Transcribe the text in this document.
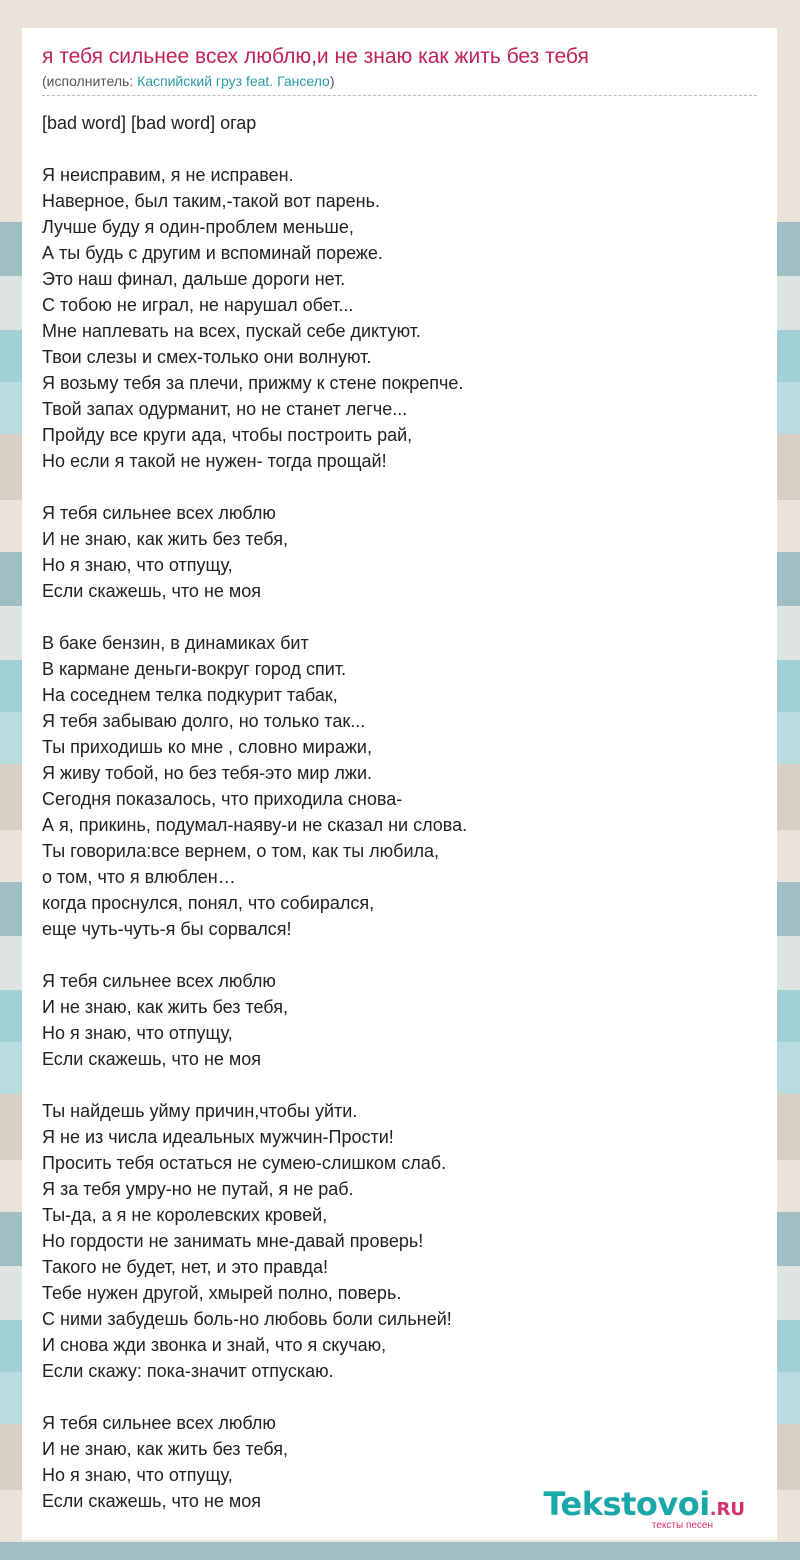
я тебя сильнее всех люблю,и не знаю как жить без тебя
(исполнитель: Каспийский груз feat. Гансело)
[bad word] [bad word] огар
Я неисправим, я не исправен.
Наверное, был таким,-такой вот парень.
Лучше буду я один-проблем меньше,
А ты будь с другим и вспоминай пореже.
Это наш финал, дальше дороги нет.
С тобою не играл, не нарушал обет...
Мне наплевать на всех, пускай себе диктуют.
Твои слезы и смех-только они волнуют.
Я возьму тебя за плечи, прижму к стене покрепче.
Твой запах одурманит, но не станет легче...
Пройду все круги ада, чтобы построить рай,
Но если я такой не нужен- тогда прощай!
Я тебя сильнее всех люблю
И не знаю, как жить без тебя,
Но я знаю, что отпущу,
Если скажешь, что не моя
В баке бензин, в динамиках бит
В кармане деньги-вокруг город спит.
На соседнем телка подкурит табак,
Я тебя забываю долго, но только так...
Ты приходишь ко мне , словно миражи,
Я живу тобой, но без тебя-это мир лжи.
Сегодня показалось, что приходила снова-
А я, прикинь, подумал-наяву-и не сказал ни слова.
Ты говорила:все вернем, о том, как ты любила,
о том, что я влюблен…
когда проснулся, понял, что собирался,
еще чуть-чуть-я бы сорвался!
Я тебя сильнее всех люблю
И не знаю, как жить без тебя,
Но я знаю, что отпущу,
Если скажешь, что не моя
Ты найдешь уйму причин,чтобы уйти.
Я не из числа идеальных мужчин-Прости!
Просить тебя остаться не сумею-слишком слаб.
Я за тебя умру-но не путай, я не раб.
Ты-да, а я не королевских кровей,
Но гордости не занимать мне-давай проверь!
Такого не будет, нет, и это правда!
Тебе нужен другой, хмырей полно, поверь.
С ними забудешь боль-но любовь боли сильней!
И снова жди звонка и знай, что я скучаю,
Если скажу: пока-значит отпускаю.
Я тебя сильнее всех люблю
И не знаю, как жить без тебя,
Но я знаю, что отпущу,
Если скажешь, что не моя	Tekstovoi.RU
тексты песен
